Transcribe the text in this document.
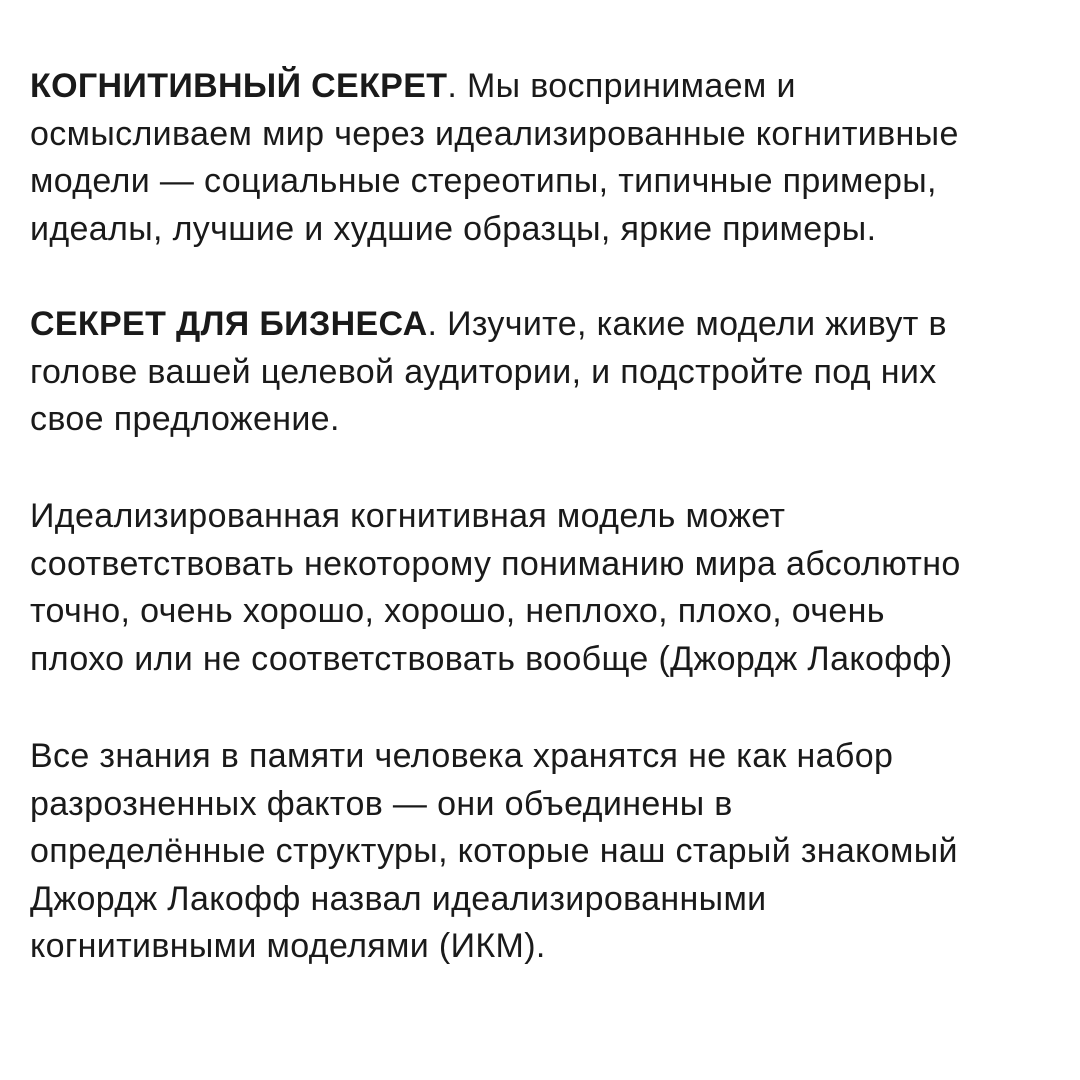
КОГНИТИВНЫЙ СЕКРЕТ. Мы воспринимаем и
осмысливаем мир через идеализированные когнитивные
модели — социальные стереотипы, типичные примеры,
идеалы, лучшие и худшие образцы, яркие примеры.
СЕКРЕТ ДЛЯ БИЗНЕСА. Изучите, какие модели живут в
голове вашей целевой аудитории, и подстройте под них
свое предложение.
Идеализированная когнитивная модель может
соответствовать некоторому пониманию мира абсолютно
точно, очень хорошо, хорошо, неплохо, плохо, очень
плохо или не соответствовать вообще (Джордж Лакофф)
Все знания в памяти человека хранятся не как набор
разрозненных фактов — они объединены в
определённые структуры, которые наш старый знакомый
Джордж Лакофф назвал идеализированными
когнитивными моделями (ИКМ).
